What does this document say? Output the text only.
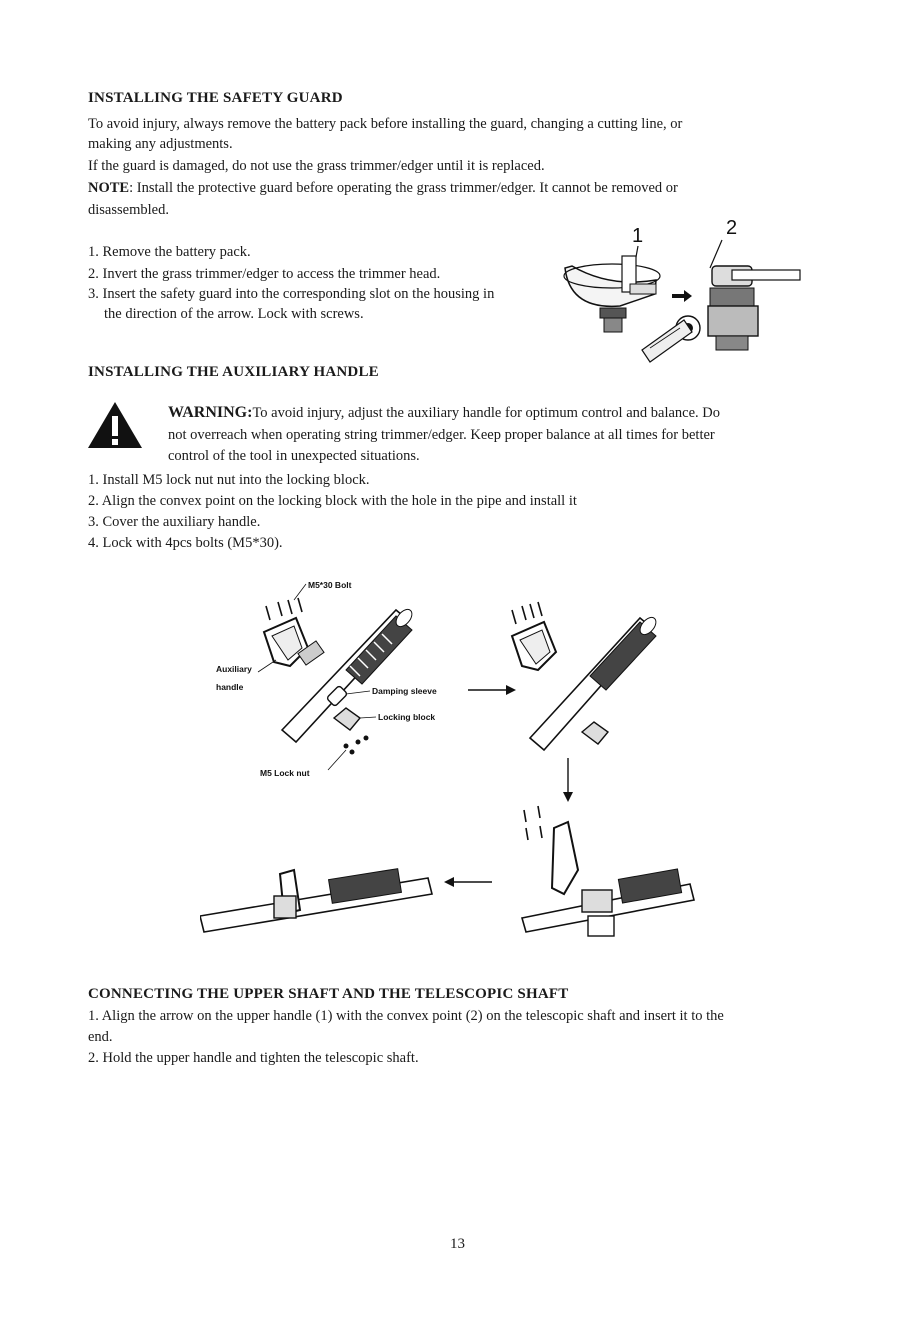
INSTALLING THE SAFETY GUARD
To avoid injury, always remove the battery pack before installing the guard, changing a cutting line, or
making any adjustments.
If the guard is damaged, do not use the grass trimmer/edger until it is replaced.
NOTE: Install the protective guard before operating the grass trimmer/edger. It cannot be removed or
disassembled.
1. Remove the battery pack.
2. Invert the grass trimmer/edger to access the trimmer head.
3. Insert the safety guard into the corresponding slot on the housing in
the direction of the arrow. Lock with screws.
1	2
INSTALLING THE AUXILIARY HANDLE
WARNING:To avoid injury, adjust the auxiliary handle for optimum control and balance. Do
not overreach when operating string trimmer/edger. Keep proper balance at all times for better
control of the tool in unexpected situations.
1. Install M5 lock nut nut into the locking block.
2. Align the convex point on the locking block with the hole in the pipe and install it
3. Cover the auxiliary handle.
4. Lock with 4pcs bolts (M5*30).
M5*30 Bolt
Auxiliary
handle	Damping sleeve
Locking block
M5 Lock nut
CONNECTING THE UPPER SHAFT AND THE TELESCOPIC SHAFT
1. Align the arrow on the upper handle (1) with the convex point (2) on the telescopic shaft and insert it to the
end.
2. Hold the upper handle and tighten the telescopic shaft.
13
